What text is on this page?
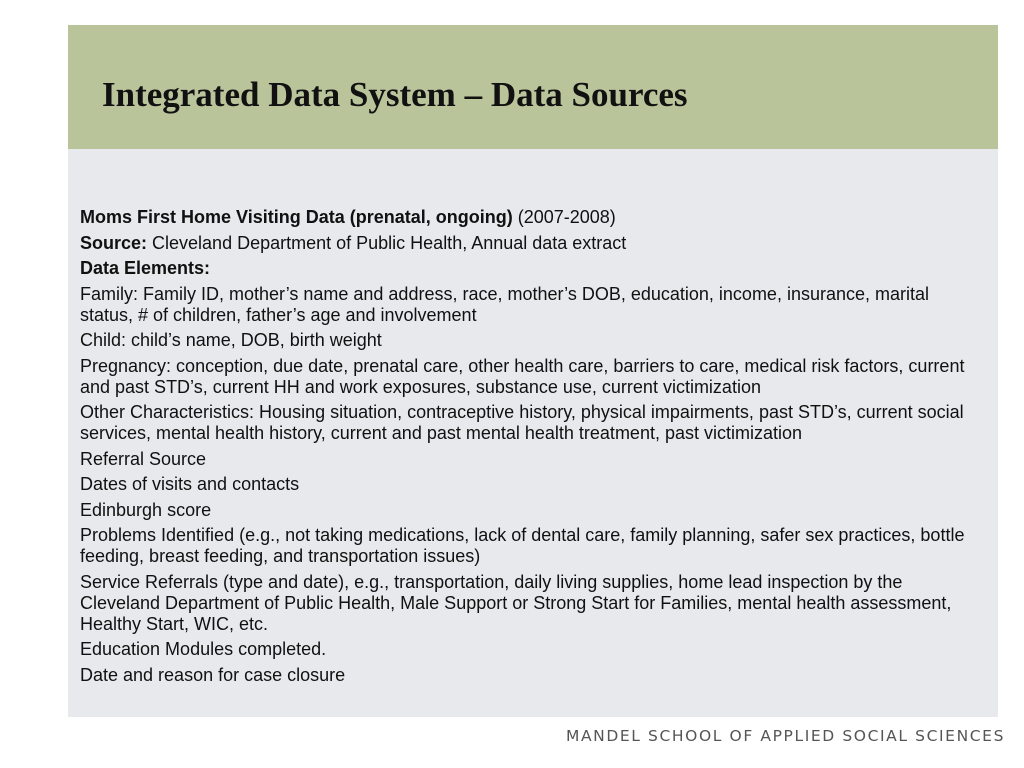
Integrated Data System – Data Sources

Moms First Home Visiting Data (prenatal, ongoing) (2007-2008)

Source: Cleveland Department of Public Health, Annual data extract

Data Elements:

Family: Family ID, mother’s name and address, race, mother’s DOB, education, income, insurance, marital status, # of children, father’s age and involvement

Child: child’s name, DOB, birth weight

Pregnancy: conception, due date, prenatal care, other health care, barriers to care, medical risk factors, current and past STD’s, current HH and work exposures, substance use, current victimization

Other Characteristics: Housing situation, contraceptive history, physical impairments, past STD’s, current social services, mental health history, current and past mental health treatment, past victimization

Referral Source

Dates of visits and contacts

Edinburgh score

Problems Identified (e.g., not taking medications, lack of dental care, family planning, safer sex practices, bottle feeding, breast feeding, and transportation issues)

Service Referrals (type and date), e.g., transportation, daily living supplies, home lead inspection by the Cleveland Department of Public Health, Male Support or Strong Start for Families, mental health assessment, Healthy Start, WIC, etc.

Education Modules completed.

Date and reason for case closure

MANDEL SCHOOL OF APPLIED SOCIAL SCIENCES
